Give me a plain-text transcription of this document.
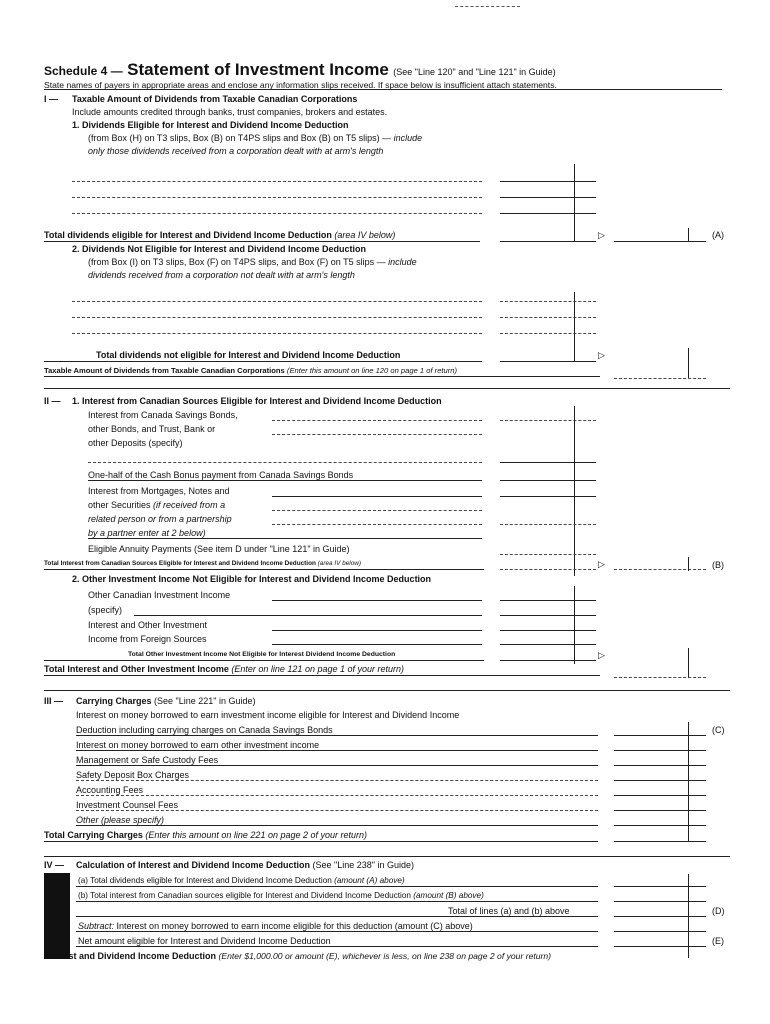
Schedule 4 — Statement of Investment Income (See "Line 120" and "Line 121" in Guide)
State names of payers in appropriate areas and enclose any information slips received. If space below is insufficient attach statements.
I — Taxable Amount of Dividends from Taxable Canadian Corporations
Include amounts credited through banks, trust companies, brokers and estates.
1. Dividends Eligible for Interest and Dividend Income Deduction
(from Box (H) on T3 slips, Box (B) on T4PS slips and Box (B) on T5 slips) — include
only those dividends received from a corporation dealt with at arm's length
Total dividends eligible for Interest and Dividend Income Deduction (area IV below)	▷	(A)
2. Dividends Not Eligible for Interest and Dividend Income Deduction
(from Box (I) on T3 slips, Box (F) on T4PS slips, and Box (F) on T5 slips — include
dividends received from a corporation not dealt with at arm's length
Total dividends not eligible for Interest and Dividend Income Deduction	▷
Taxable Amount of Dividends from Taxable Canadian Corporations (Enter this amount on line 120 on page 1 of return)
II — 1. Interest from Canadian Sources Eligible for Interest and Dividend Income Deduction
Interest from Canada Savings Bonds,
other Bonds, and Trust, Bank or
other Deposits (specify)
One-half of the Cash Bonus payment from Canada Savings Bonds
Interest from Mortgages, Notes and
other Securities (if received from a
related person or from a partnership
by a partner enter at 2 below)
Eligible Annuity Payments (See item D under "Line 121" in Guide)
Total Interest from Canadian Sources Eligible for Interest and Dividend Income Deduction (area IV below)	▷	(B)
2. Other Investment Income Not Eligible for Interest and Dividend Income Deduction
Other Canadian Investment Income
(specify)
Interest and Other Investment
Income from Foreign Sources
Total Other Investment Income Not Eligible for Interest Dividend Income Deduction	▷
Total Interest and Other Investment Income (Enter on line 121 on page 1 of your return)
III — Carrying Charges (See "Line 221" in Guide)
Interest on money borrowed to earn investment income eligible for Interest and Dividend Income
Deduction including carrying charges on Canada Savings Bonds	(C)
Interest on money borrowed to earn other investment income
Management or Safe Custody Fees
Safety Deposit Box Charges
Accounting Fees
Investment Counsel Fees
Other (please specify)
Total Carrying Charges (Enter this amount on line 221 on page 2 of your return)
IV — Calculation of Interest and Dividend Income Deduction (See "Line 238" in Guide)
(a) Total dividends eligible for Interest and Dividend Income Deduction (amount (A) above)
(b) Total interest from Canadian sources eligible for Interest and Dividend Income Deduction (amount (B) above)
Total of lines (a) and (b) above	(D)
Subtract: Interest on money borrowed to earn income eligible for this deduction (amount (C) above)
Net amount eligible for Interest and Dividend Income Deduction	(E)
Interest and Dividend Income Deduction (Enter $1,000.00 or amount (E), whichever is less, on line 238 on page 2 of your return)
